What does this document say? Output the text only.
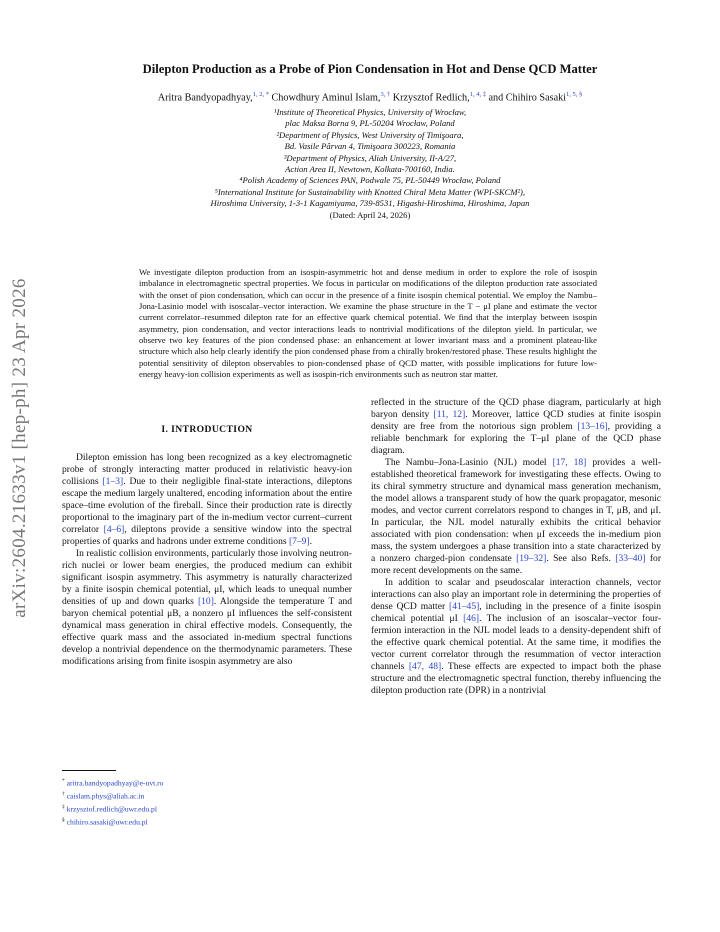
arXiv:2604.21633v1 [hep-ph] 23 Apr 2026
Dilepton Production as a Probe of Pion Condensation in Hot and Dense QCD Matter
Aritra Bandyopadhyay,$^{1, 2, *}$ Chowdhury Aminul Islam,$^{3, \dagger}$ Krzysztof Redlich,$^{1, 4, \ddagger}$ and Chihiro Sasaki$^{1, 5, \S}$
¹Institute of Theoretical Physics, University of Wrocław,
plac Maksa Borna 9, PL-50204 Wrocław, Poland
²Department of Physics, West University of Timişoara,
Bd. Vasile Pârvan 4, Timişoara 300223, Romania
³Department of Physics, Aliah University, II-A/27,
Action Area II, Newtown, Kolkata-700160, India.
⁴Polish Academy of Sciences PAN, Podwale 75, PL-50449 Wrocław, Poland
⁵International Institute for Sustainability with Knotted Chiral Meta Matter (WPI-SKCM²),
Hiroshima University, 1-3-1 Kagamiyama, 739-8531, Higashi-Hiroshima, Hiroshima, Japan
(Dated: April 24, 2026)
We investigate dilepton production from an isospin-asymmetric hot and dense medium in order to explore the role of isospin imbalance in electromagnetic spectral properties. We focus in particular on modifications of the dilepton production rate associated with the onset of pion condensation, which can occur in the presence of a finite isospin chemical potential. We employ the Nambu–Jona-Lasinio model with isoscalar–vector interaction. We examine the phase structure in the T − μI plane and estimate the vector current correlator–resummed dilepton rate for an effective quark chemical potential. We find that the interplay between isospin asymmetry, pion condensation, and vector interactions leads to nontrivial modifications of the dilepton yield. In particular, we observe two key features of the pion condensed phase: an enhancement at lower invariant mass and a prominent plateau-like structure which also help clearly identify the pion condensed phase from a chirally broken/restored phase. These results highlight the potential sensitivity of dilepton observables to pion-condensed phase of QCD matter, with possible implications for future low-energy heavy-ion collision experiments as well as isospin-rich environments such as neutron star matter.
I. INTRODUCTION

Dilepton emission has long been recognized as a key electromagnetic probe of strongly interacting matter produced in relativistic heavy-ion collisions [1–3]. Due to their negligible final-state interactions, dileptons escape the medium largely unaltered, encoding information about the entire space–time evolution of the fireball. Since their production rate is directly proportional to the imaginary part of the in-medium vector current–current correlator [4–6], dileptons provide a sensitive window into the spectral properties of quarks and hadrons under extreme conditions [7–9].

In realistic collision environments, particularly those involving neutron-rich nuclei or lower beam energies, the produced medium can exhibit significant isospin asymmetry. This asymmetry is naturally characterized by a finite isospin chemical potential, μI, which leads to unequal number densities of up and down quarks [10]. Alongside the temperature T and baryon chemical potential μB, a nonzero μI influences the self-consistent dynamical mass generation in chiral effective models. Consequently, the effective quark mass and the associated in-medium spectral functions develop a nontrivial dependence on the thermodynamic parameters. These modifications arising from finite isospin asymmetry are also

reflected in the structure of the QCD phase diagram, particularly at high baryon density [11, 12]. Moreover, lattice QCD studies at finite isospin density are free from the notorious sign problem [13–16], providing a reliable benchmark for exploring the T–μI plane of the QCD phase diagram.

The Nambu–Jona-Lasinio (NJL) model [17, 18] provides a well-established theoretical framework for investigating these effects. Owing to its chiral symmetry structure and dynamical mass generation mechanism, the model allows a transparent study of how the quark propagator, mesonic modes, and vector current correlators respond to changes in T, μB, and μI. In particular, the NJL model naturally exhibits the critical behavior associated with pion condensation: when μI exceeds the in-medium pion mass, the system undergoes a phase transition into a state characterized by a nonzero charged-pion condensate [19–32]. See also Refs. [33–40] for more recent developments on the same.

In addition to scalar and pseudoscalar interaction channels, vector interactions can also play an important role in determining the properties of dense QCD matter [41–45], including in the presence of a finite isospin chemical potential μI [46]. The inclusion of an isoscalar–vector four-fermion interaction in the NJL model leads to a density-dependent shift of the effective quark chemical potential. At the same time, it modifies the vector current correlator through the resummation of vector interaction channels [47, 48]. These effects are expected to impact both the phase structure and the electromagnetic spectral function, thereby influencing the dilepton production rate (DPR) in a nontrivial

* aritra.bandyopadhyay@e-uvt.ro
† caislam.phys@aliah.ac.in
‡ krzysztof.redlich@uwr.edu.pl
§ chihiro.sasaki@uwr.edu.pl
